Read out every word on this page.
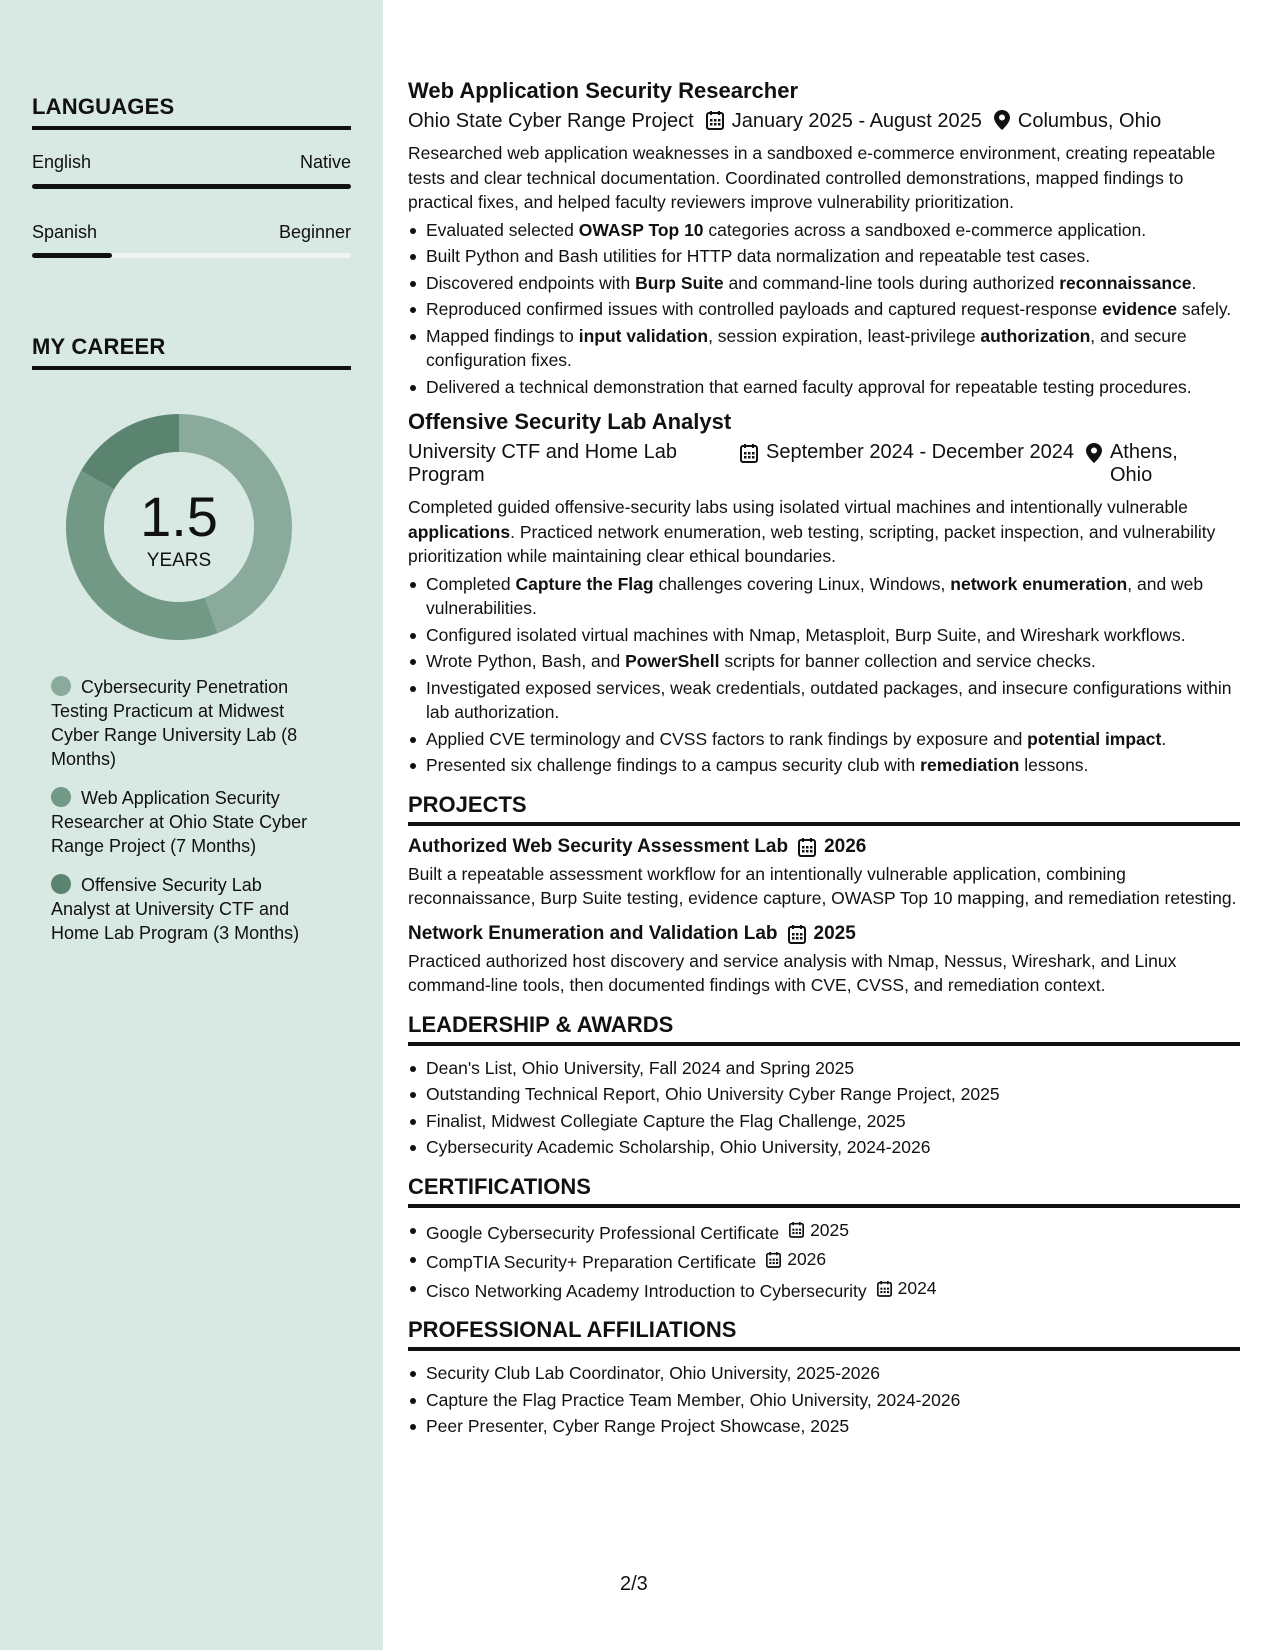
LANGUAGES
English	Native
Spanish	Beginner
MY CAREER
1.5
YEARS
Cybersecurity Penetration Testing Practicum at Midwest Cyber Range University Lab (8 Months)
Web Application Security Researcher at Ohio State Cyber Range Project (7 Months)
Offensive Security Lab Analyst at University CTF and Home Lab Program (3 Months)
Web Application Security Researcher
Ohio State Cyber Range Project January 2025 - August 2025 Columbus, Ohio
Researched web application weaknesses in a sandboxed e-commerce environment, creating repeatable tests and clear technical documentation. Coordinated controlled demonstrations, mapped findings to practical fixes, and helped faculty reviewers improve vulnerability prioritization.
Evaluated selected OWASP Top 10 categories across a sandboxed e-commerce application.
Built Python and Bash utilities for HTTP data normalization and repeatable test cases.
Discovered endpoints with Burp Suite and command-line tools during authorized reconnaissance.
Reproduced confirmed issues with controlled payloads and captured request-response evidence safely.
Mapped findings to input validation, session expiration, least-privilege authorization, and secure configuration fixes.
Delivered a technical demonstration that earned faculty approval for repeatable testing procedures.
Offensive Security Lab Analyst
University CTF and Home Lab Program
September 2024 - December 2024 Athens, Ohio
Completed guided offensive-security labs using isolated virtual machines and intentionally vulnerable applications. Practiced network enumeration, web testing, scripting, packet inspection, and vulnerability prioritization while maintaining clear ethical boundaries.
Completed Capture the Flag challenges covering Linux, Windows, network enumeration, and web vulnerabilities.
Configured isolated virtual machines with Nmap, Metasploit, Burp Suite, and Wireshark workflows.
Wrote Python, Bash, and PowerShell scripts for banner collection and service checks.
Investigated exposed services, weak credentials, outdated packages, and insecure configurations within lab authorization.
Applied CVE terminology and CVSS factors to rank findings by exposure and potential impact.
Presented six challenge findings to a campus security club with remediation lessons.
PROJECTS
Authorized Web Security Assessment Lab 2026
Built a repeatable assessment workflow for an intentionally vulnerable application, combining reconnaissance, Burp Suite testing, evidence capture, OWASP Top 10 mapping, and remediation retesting.
Network Enumeration and Validation Lab 2025
Practiced authorized host discovery and service analysis with Nmap, Nessus, Wireshark, and Linux command-line tools, then documented findings with CVE, CVSS, and remediation context.
LEADERSHIP & AWARDS
Dean's List, Ohio University, Fall 2024 and Spring 2025
Outstanding Technical Report, Ohio University Cyber Range Project, 2025
Finalist, Midwest Collegiate Capture the Flag Challenge, 2025
Cybersecurity Academic Scholarship, Ohio University, 2024-2026
CERTIFICATIONS
Google Cybersecurity Professional Certificate 2025
CompTIA Security+ Preparation Certificate 2026
Cisco Networking Academy Introduction to Cybersecurity 2024
PROFESSIONAL AFFILIATIONS
Security Club Lab Coordinator, Ohio University, 2025-2026
Capture the Flag Practice Team Member, Ohio University, 2024-2026
Peer Presenter, Cyber Range Project Showcase, 2025
2/3
